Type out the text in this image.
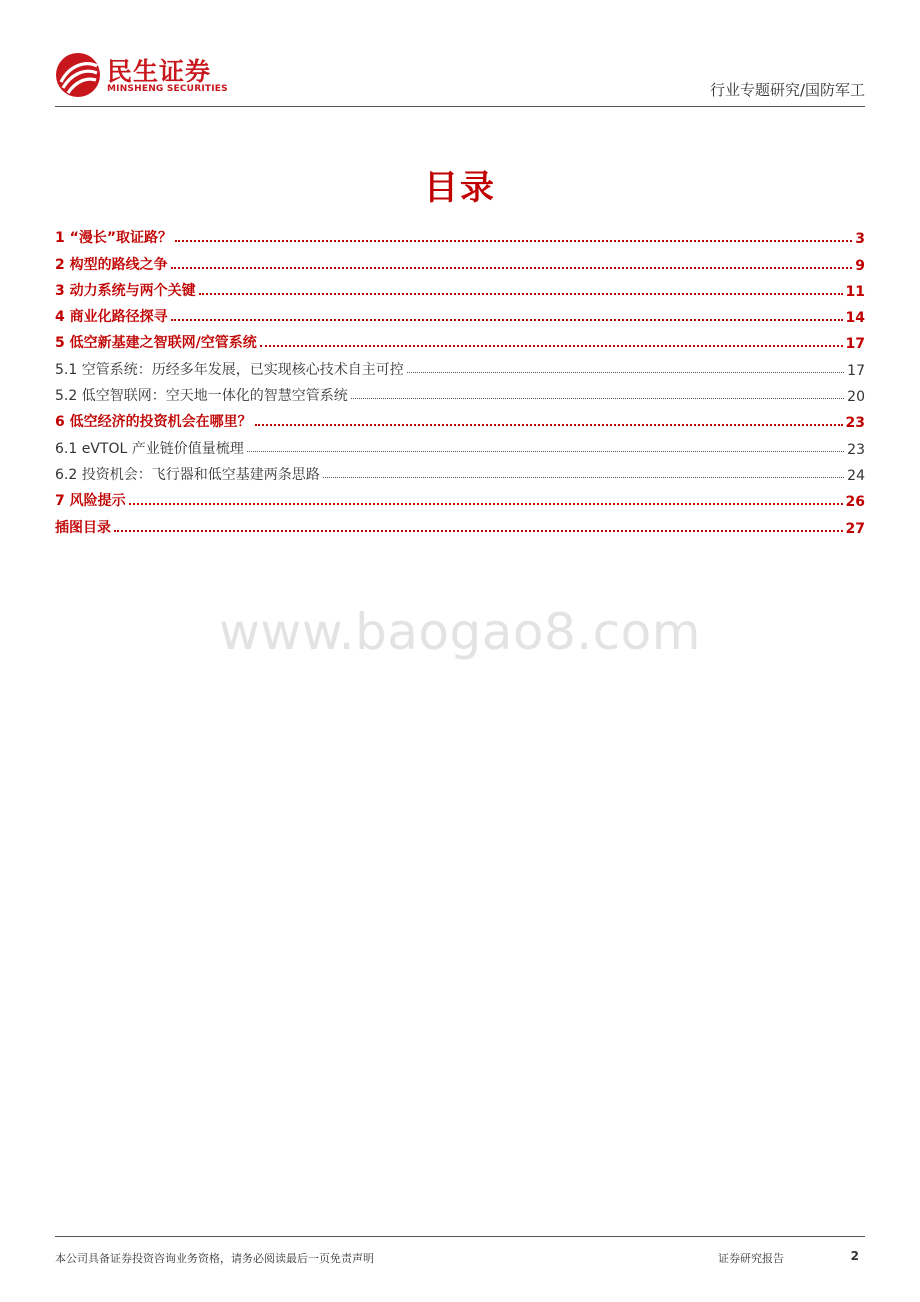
民生证券
MINSHENG SECURITIES	行业专题研究/国防军工
目录
1 “漫长”取证路？	3
2 构型的路线之争	9
3 动力系统与两个关键	11
4 商业化路径探寻	14
5 低空新基建之智联网/空管系统	17
5.1 空管系统：历经多年发展，已实现核心技术自主可控	17
5.2 低空智联网：空天地一体化的智慧空管系统	20
6 低空经济的投资机会在哪里？	23
6.1 eVTOL 产业链价值量梳理	23
6.2 投资机会：飞行器和低空基建两条思路	24
7 风险提示	26
插图目录	27
www.baogao8.com
本公司具备证券投资咨询业务资格，请务必阅读最后一页免责声明	证券研究报告	2
